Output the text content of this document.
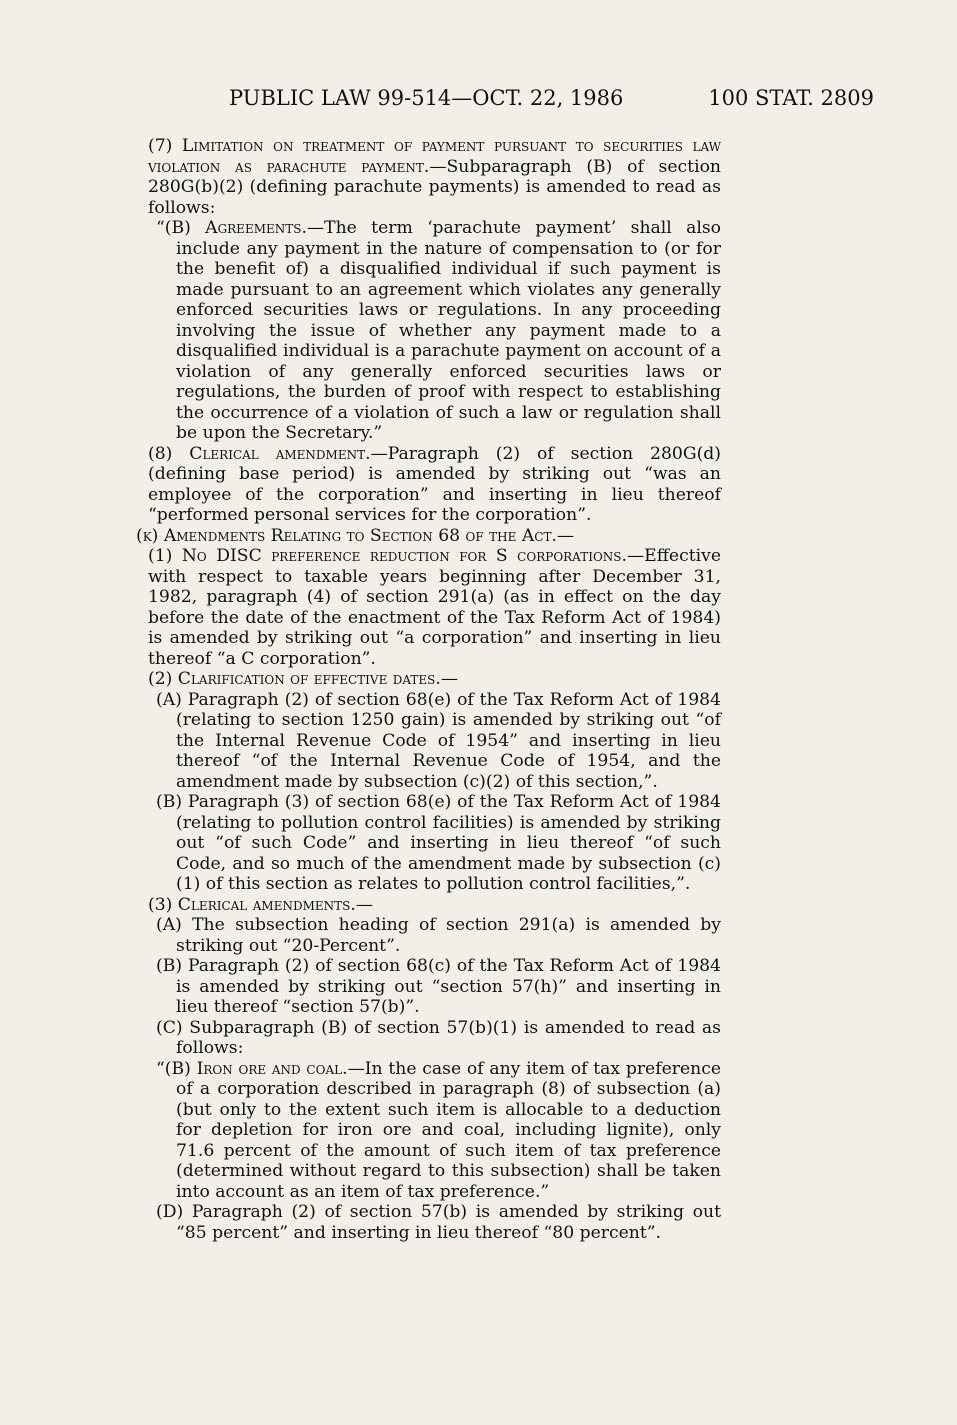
PUBLIC LAW 99-514—OCT. 22, 1986	100 STAT. 2809

(7) Limitation on treatment of payment pursuant to securities law violation as parachute payment.—Subparagraph (B) of section 280G(b)(2) (defining parachute payments) is amended to read as follows:

“(B) Agreements.—The term ‘parachute payment’ shall also include any payment in the nature of compensation to (or for the benefit of) a disqualified individual if such payment is made pursuant to an agreement which violates any generally enforced securities laws or regulations. In any proceeding involving the issue of whether any payment made to a disqualified individual is a parachute payment on account of a violation of any generally enforced securities laws or regulations, the burden of proof with respect to establishing the occurrence of a violation of such a law or regulation shall be upon the Secretary.”

(8) Clerical amendment.—Paragraph (2) of section 280G(d) (defining base period) is amended by striking out “was an employee of the corporation” and inserting in lieu thereof “performed personal services for the corporation”.

(k) Amendments Relating to Section 68 of the Act.—

(1) No DISC preference reduction for S corporations.—Effective with respect to taxable years beginning after December 31, 1982, paragraph (4) of section 291(a) (as in effect on the day before the date of the enactment of the Tax Reform Act of 1984) is amended by striking out “a corporation” and inserting in lieu thereof “a C corporation”.

(2) Clarification of effective dates.—

(A) Paragraph (2) of section 68(e) of the Tax Reform Act of 1984 (relating to section 1250 gain) is amended by striking out “of the Internal Revenue Code of 1954” and inserting in lieu thereof “of the Internal Revenue Code of 1954, and the amendment made by subsection (c)(2) of this section,”.

(B) Paragraph (3) of section 68(e) of the Tax Reform Act of 1984 (relating to pollution control facilities) is amended by striking out “of such Code” and inserting in lieu thereof “of such Code, and so much of the amendment made by subsection (c)(1) of this section as relates to pollution control facilities,”.

(3) Clerical amendments.—

(A) The subsection heading of section 291(a) is amended by striking out “20-Percent”.

(B) Paragraph (2) of section 68(c) of the Tax Reform Act of 1984 is amended by striking out “section 57(h)” and inserting in lieu thereof “section 57(b)”.

(C) Subparagraph (B) of section 57(b)(1) is amended to read as follows:

“(B) Iron ore and coal.—In the case of any item of tax preference of a corporation described in paragraph (8) of subsection (a) (but only to the extent such item is allocable to a deduction for depletion for iron ore and coal, including lignite), only 71.6 percent of the amount of such item of tax preference (determined without regard to this subsection) shall be taken into account as an item of tax preference.”

(D) Paragraph (2) of section 57(b) is amended by striking out “85 percent” and inserting in lieu thereof “80 percent”.
